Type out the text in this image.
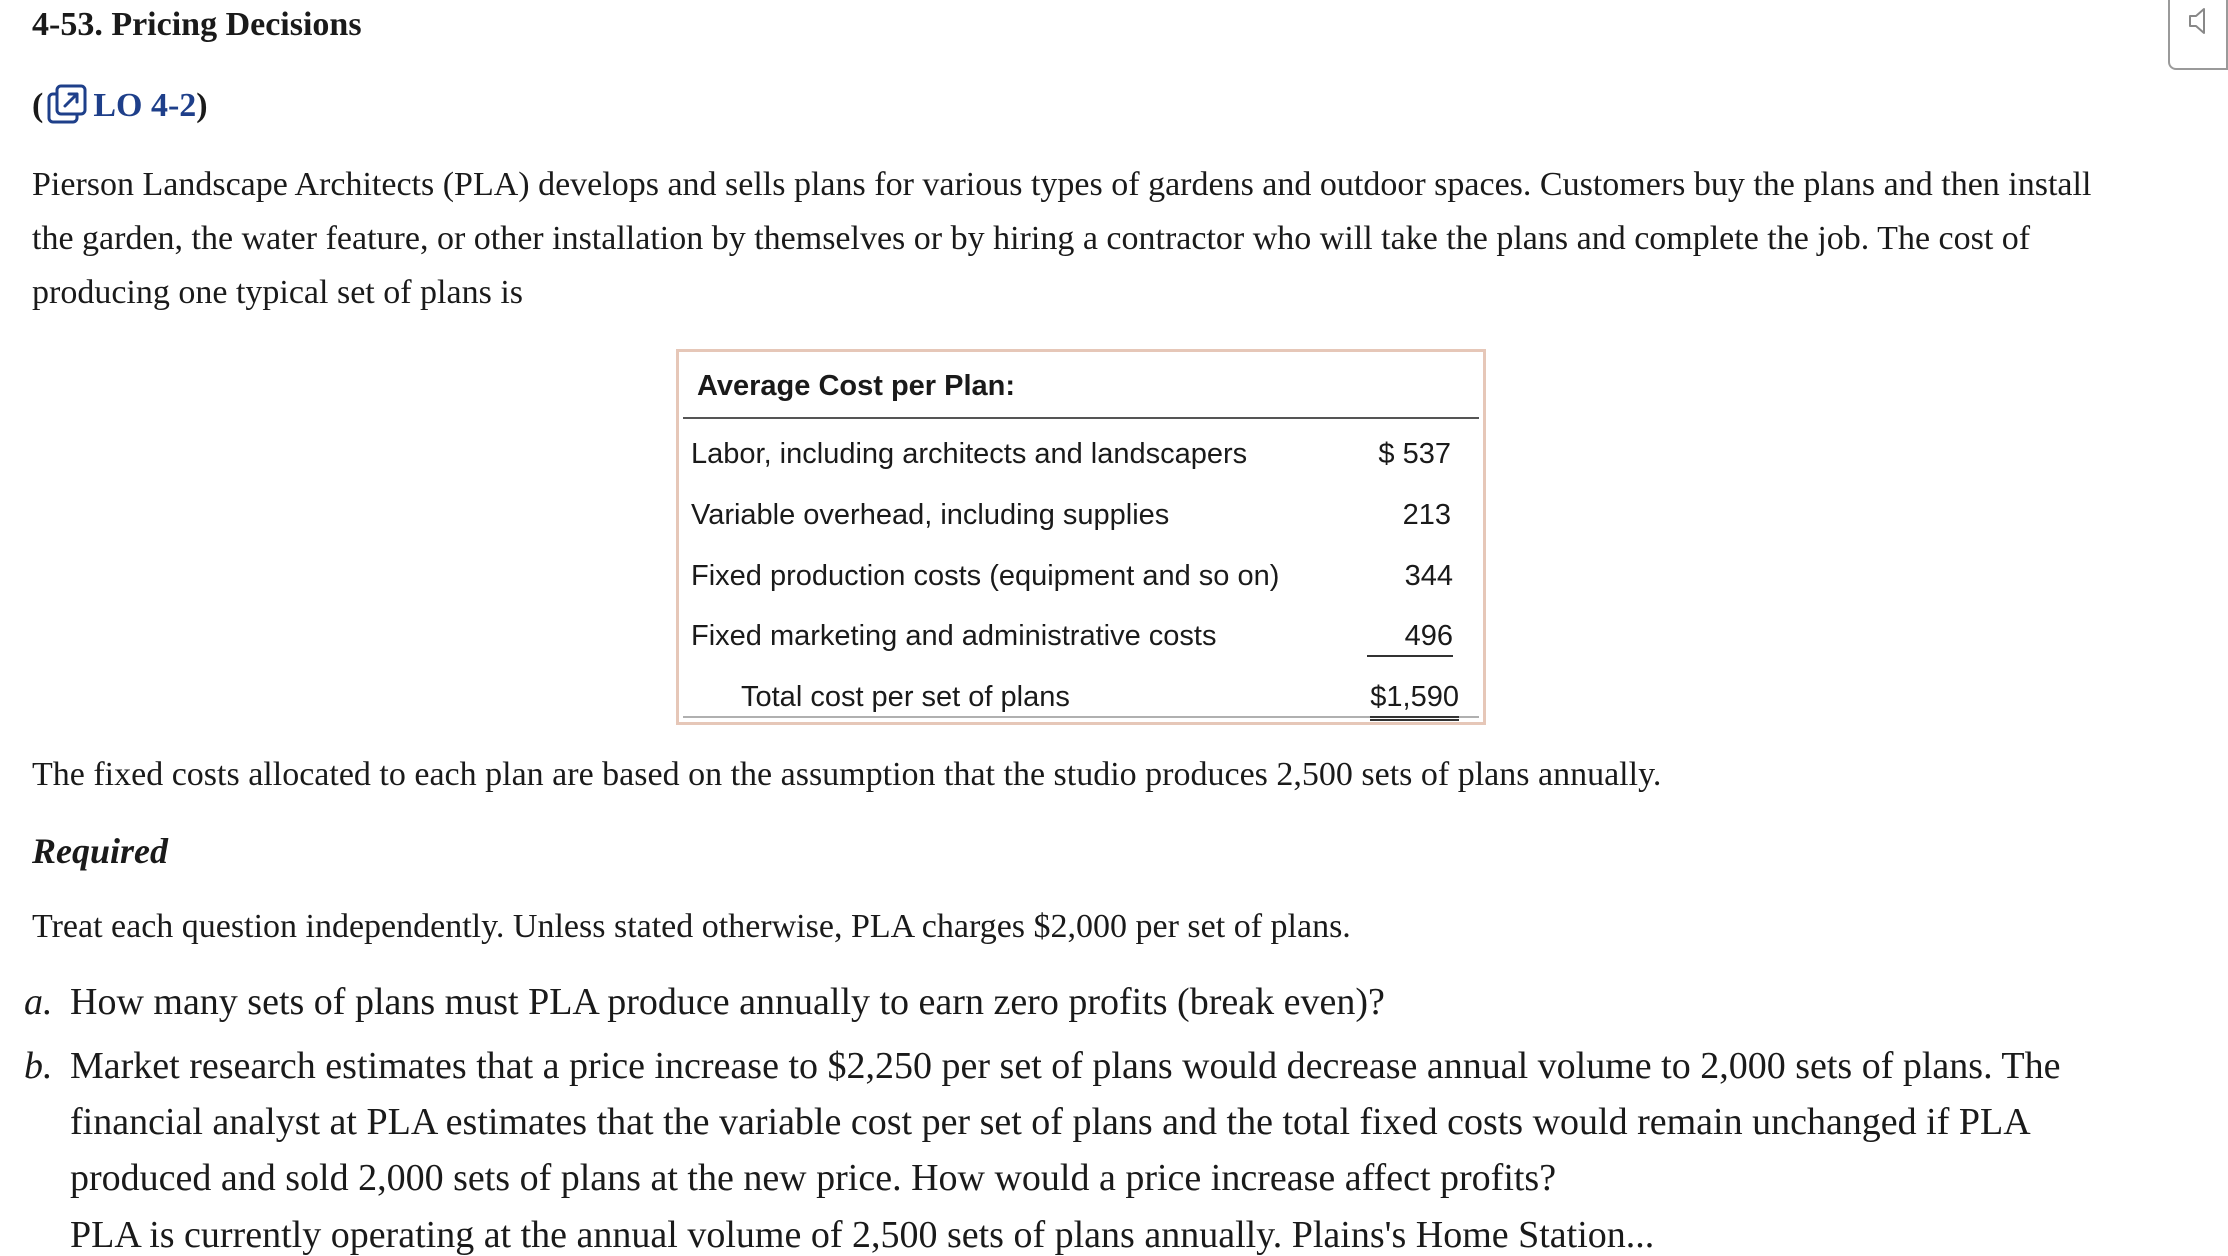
4-53. Pricing Decisions
( LO 4-2 )
Pierson Landscape Architects (PLA) develops and sells plans for various types of gardens and outdoor spaces. Customers buy the plans and then install the garden, the water feature, or other installation by themselves or by hiring a contractor who will take the plans and complete the job. The cost of producing one typical set of plans is
Average Cost per Plan:
Labor, including architects and landscapers	$ 537
Variable overhead, including supplies	213
Fixed production costs (equipment and so on)	344
Fixed marketing and administrative costs	496
Total cost per set of plans	$1,590
The fixed costs allocated to each plan are based on the assumption that the studio produces 2,500 sets of plans annually.
Required
Treat each question independently. Unless stated otherwise, PLA charges $2,000 per set of plans.
a. How many sets of plans must PLA produce annually to earn zero profits (break even)?
b. Market research estimates that a price increase to $2,250 per set of plans would decrease annual volume to 2,000 sets of plans. The financial analyst at PLA estimates that the variable cost per set of plans and the total fixed costs would remain unchanged if PLA produced and sold 2,000 sets of plans at the new price. How would a price increase affect profits?
PLA is currently operating at the annual volume of 2,500 sets of plans annually. Plains's Home Station...
